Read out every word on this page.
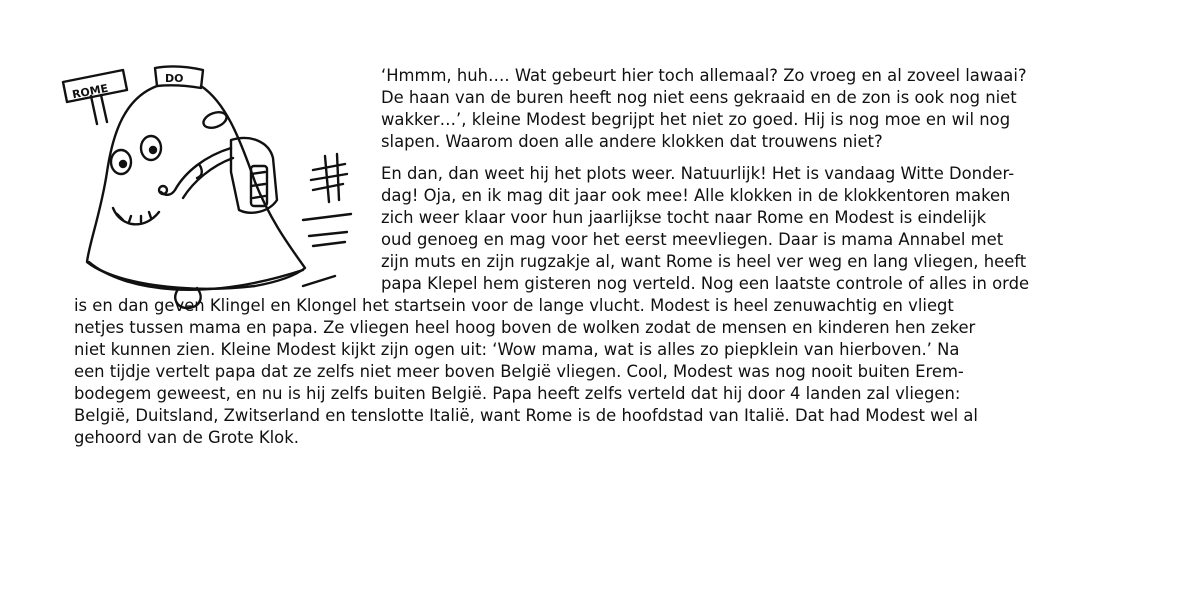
ROME
DO	‘Hmmm, huh…. Wat gebeurt hier toch allemaal? Zo vroeg en al zoveel lawaai?
De haan van de buren heeft nog niet eens gekraaid en de zon is ook nog niet
wakker…’, kleine Modest begrijpt het niet zo goed. Hij is nog moe en wil nog
slapen. Waarom doen alle andere klokken dat trouwens niet?
En dan, dan weet hij het plots weer. Natuurlijk! Het is vandaag Witte Donder-
dag! Oja, en ik mag dit jaar ook mee! Alle klokken in de klokkentoren maken
zich weer klaar voor hun jaarlijkse tocht naar Rome en Modest is eindelijk
oud genoeg en mag voor het eerst meevliegen. Daar is mama Annabel met
zijn muts en zijn rugzakje al, want Rome is heel ver weg en lang vliegen, heeft
papa Klepel hem gisteren nog verteld. Nog een laatste controle of alles in orde
is en dan geven Klingel en Klongel het startsein voor de lange vlucht. Modest is heel zenuwachtig en vliegt
netjes tussen mama en papa. Ze vliegen heel hoog boven de wolken zodat de mensen en kinderen hen zeker
niet kunnen zien. Kleine Modest kijkt zijn ogen uit: ‘Wow mama, wat is alles zo piepklein van hierboven.’ Na
een tijdje vertelt papa dat ze zelfs niet meer boven België vliegen. Cool, Modest was nog nooit buiten Erem-
bodegem geweest, en nu is hij zelfs buiten België. Papa heeft zelfs verteld dat hij door 4 landen zal vliegen:
België, Duitsland, Zwitserland en tenslotte Italië, want Rome is de hoofdstad van Italië. Dat had Modest wel al
gehoord van de Grote Klok.
